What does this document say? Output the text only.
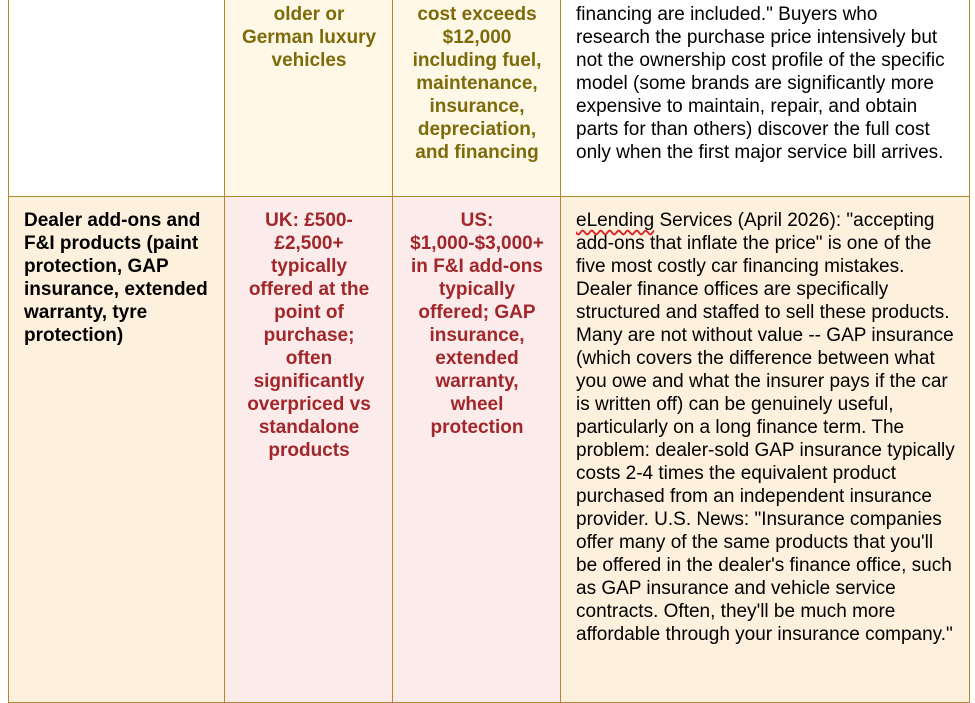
	older or German luxury vehicles	cost exceeds $12,000 including fuel, maintenance, insurance, depreciation, and financing	financing are included." Buyers who research the purchase price intensively but not the ownership cost profile of the specific model (some brands are significantly more expensive to maintain, repair, and obtain parts for than others) discover the full cost only when the first major service bill arrives.

Dealer add-ons and F&I products (paint protection, GAP insurance, extended warranty, tyre protection)	UK: £500-£2,500+ typically offered at the point of purchase; often significantly overpriced vs standalone products	US: $1,000-$3,000+ in F&I add-ons typically offered; GAP insurance, extended warranty, wheel protection	eLending Services (April 2026): "accepting add-ons that inflate the price" is one of the five most costly car financing mistakes. Dealer finance offices are specifically structured and staffed to sell these products. Many are not without value -- GAP insurance (which covers the difference between what you owe and what the insurer pays if the car is written off) can be genuinely useful, particularly on a long finance term. The problem: dealer-sold GAP insurance typically costs 2-4 times the equivalent product purchased from an independent insurance provider. U.S. News: "Insurance companies offer many of the same products that you'll be offered in the dealer's finance office, such as GAP insurance and vehicle service contracts. Often, they'll be much more affordable through your insurance company."
